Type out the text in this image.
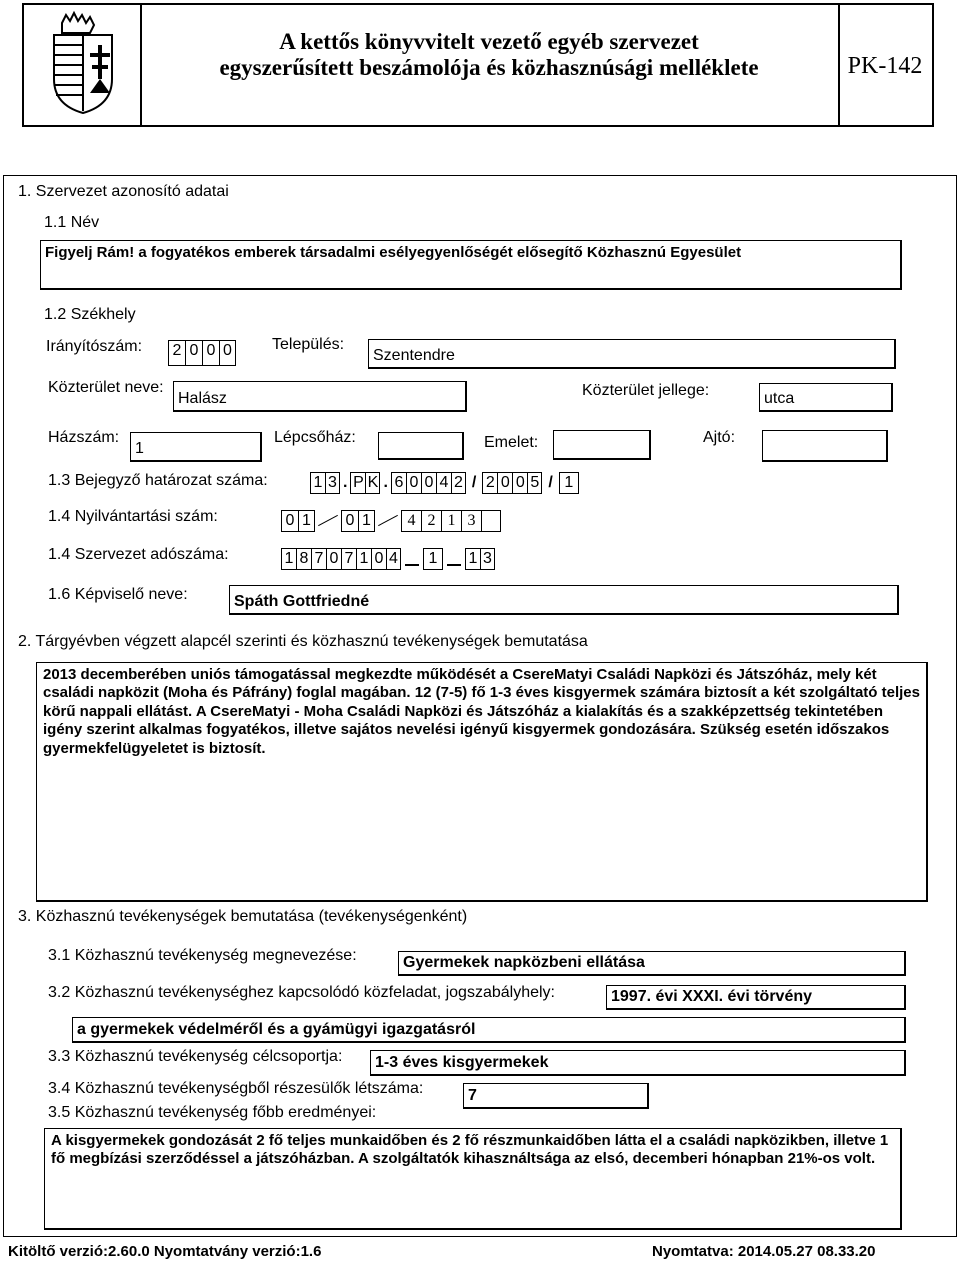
A kettős könyvvitelt vezető egyéb szervezet
egyszerűsített beszámolója és közhasznúsági melléklete	PK-142
1. Szervezet azonosító adatai
1.1 Név
Figyelj Rám! a fogyatékos emberek társadalmi esélyegyenlőségét elősegítő Közhasznú Egyesület
1.2 Székhely
Irányítószám: 2 0 0 0	Település:
Szentendre
Közterület neve:
Halász	Közterület jellege:	utca
Házszám:
1
Lépcsőház:	Emelet:	Ajtó:
1.3 Bejegyző határozat száma:	1 3 . P K . 6 0 0 4 2 / 2 0 0 5 / 1
1.4 Nyilvántartási szám:	0 1 0 1	4 2 1 3
1.4 Szervezet adószáma:	1 8 7 0 7 1 0 4	1	1 3
1.6 Képviselő neve:	Spáth Gottfriedné
2. Tárgyévben végzett alapcél szerinti és közhasznú tevékenységek bemutatása
2013 decemberében uniós támogatással megkezdte működését a CsereMatyi Családi Napközi és Játszóház, mely két családi napközit (Moha és Páfrány) foglal magában. 12 (7-5) fő 1-3 éves kisgyermek számára biztosít a két szolgáltató teljes körű nappali ellátást. A CsereMatyi - Moha Családi Napközi és Játszóház a kialakítás és a szakképzettség tekintetében igény szerint alkalmas fogyatékos, illetve sajátos nevelési igényű kisgyermek gondozására. Szükség esetén időszakos gyermekfelügyeletet is biztosít.
3. Közhasznú tevékenységek bemutatása (tevékenységenként)
3.1 Közhasznú tevékenység megnevezése:	Gyermekek napközbeni ellátása
3.2 Közhasznú tevékenységhez kapcsolódó közfeladat, jogszabályhely:	1997. évi XXXI. évi törvény
a gyermekek védelméről és a gyámügyi igazgatásról
3.3 Közhasznú tevékenység célcsoportja: 1-3 éves kisgyermekek
3.4 Közhasznú tevékenységből részesülők létszáma:	7
3.5 Közhasznú tevékenység főbb eredményei:
A kisgyermekek gondozását 2 fő teljes munkaidőben és 2 fő részmunkaidőben látta el a családi napközikben, illetve 1 fő megbízási szerződéssel a játszóházban. A szolgáltatók kihasználtsága az elsó, decemberi hónapban 21%-os volt.
Kitöltő verzió:2.60.0 Nyomtatvány verzió:1.6	Nyomtatva: 2014.05.27 08.33.20
